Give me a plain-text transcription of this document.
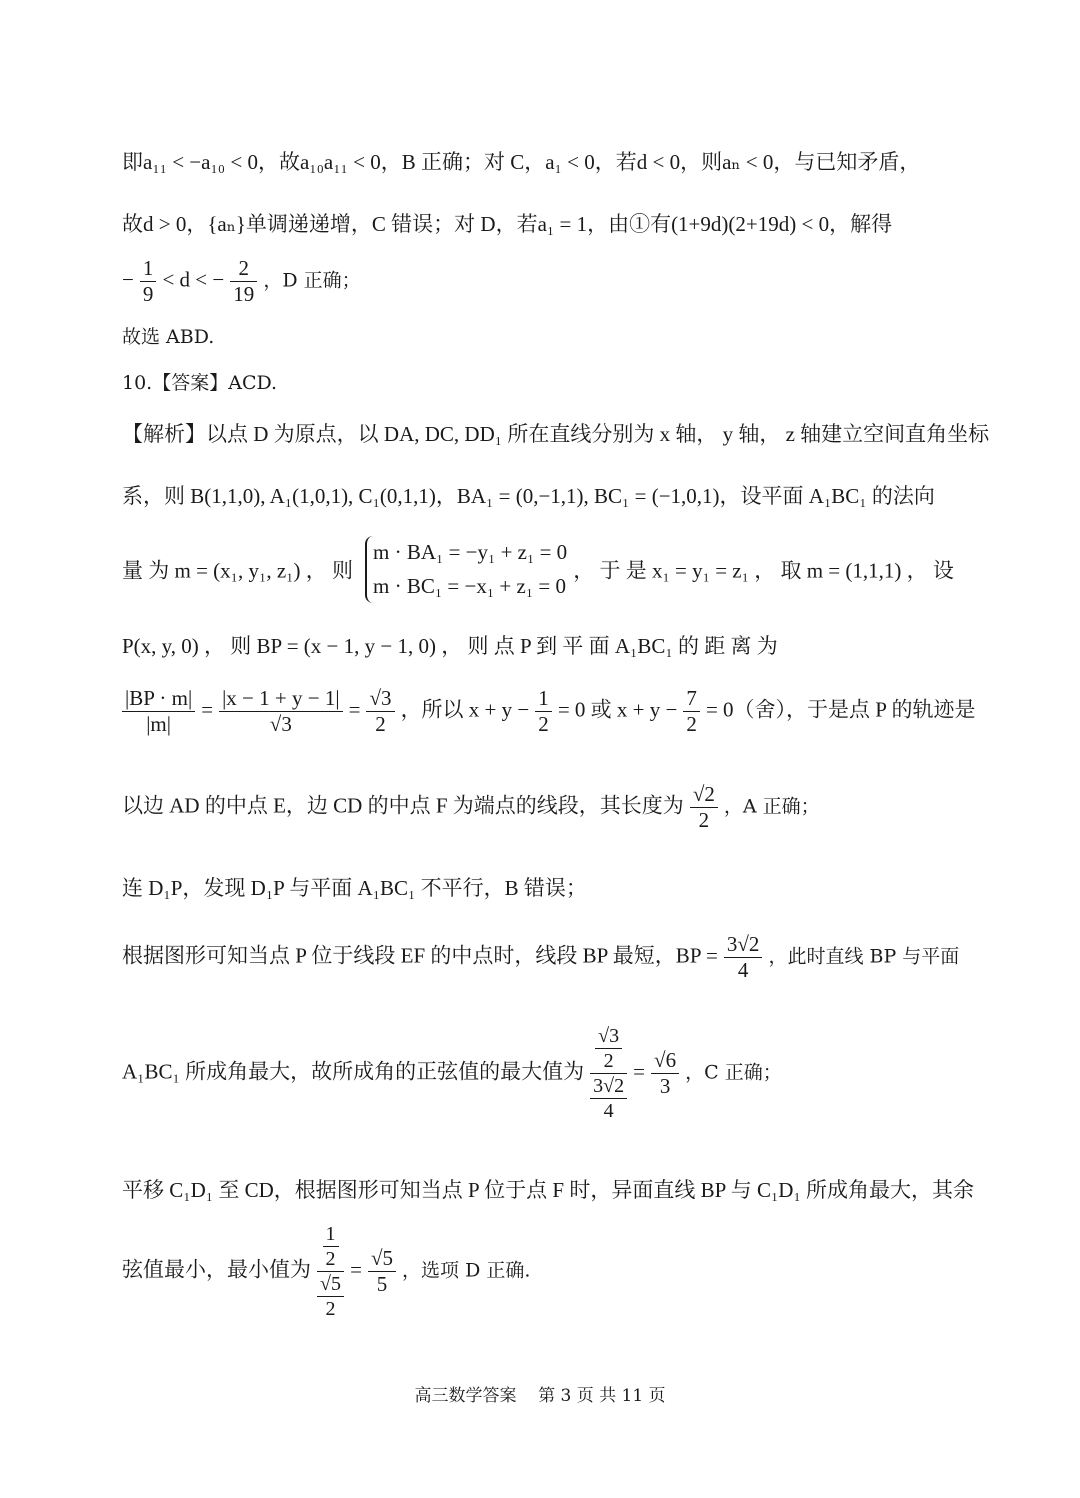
即a₁₁ < −a₁₀ < 0，故a₁₀a₁₁ < 0，B 正确；对 C，a₁ < 0，若d < 0，则aₙ < 0，与已知矛盾，
故d > 0，{aₙ}单调递递增，C 错误；对 D，若a₁ = 1，由①有(1+9d)(2+19d) < 0，解得
− $\frac{1}{9} < d$ < − $\frac{2}{19}$ ，D 正确；
故选 ABD.
10.【答案】ACD.
【解析】以点 D 为原点，以 DA, DC, DD₁ 所在直线分别为 x 轴， y 轴， z 轴建立空间直角坐标
系，则 B(1,1,0), A₁(1,0,1), C₁(0,1,1)，BA₁ = (0,−1,1), BC₁ = (−1,0,1)，设平面 A₁BC₁ 的法向
量 为 m = (x₁, y₁, z₁) ， 则
m · BA₁ = −y₁ + z₁ = 0
m · BC₁ = −x₁ + z₁ = 0
， 于 是 x₁ = y₁ = z₁ ， 取 m = (1,1,1) ， 设
P(x, y, 0) ， 则 BP = (x − 1, y − 1, 0) ， 则 点 P 到 平 面 A₁BC₁ 的 距 离 为
$\frac{|BP \cdot m|}{|m|} = \frac{|x - 1 + y - 1|}{√3} = \frac{√3}{2}$ ，所以 $x + y - \frac{1}{2} = 0$ 或 $x + y - \frac{7}{2} = 0$（舍），于是点 P 的轨迹是
以边 AD 的中点 E，边 CD 的中点 F 为端点的线段，其长度为 $\frac{√2}{2}$ ，A 正确；
连 D₁P，发现 D₁P 与平面 A₁BC₁ 不平行，B 错误；
根据图形可知当点 P 位于线段 EF 的中点时，线段 BP 最短，BP = $\frac{3√2}{4}$ ，此时直线 BP 与平面
A₁BC₁ 所成角最大，故所成角的正弦值的最大值为 $\frac{\frac{√3}{2}}{\frac{3√2}{4}} = \frac{√6}{3}$ ，C 正确；
平移 C₁D₁ 至 CD，根据图形可知当点 P 位于点 F 时，异面直线 BP 与 C₁D₁ 所成角最大，其余
弦值最小，最小值为 $\frac{\frac{1}{2}}{\frac{√5}{2}} = \frac{√5}{5}$ ，选项 D 正确.
高三数学答案    第 3 页 共 11 页
